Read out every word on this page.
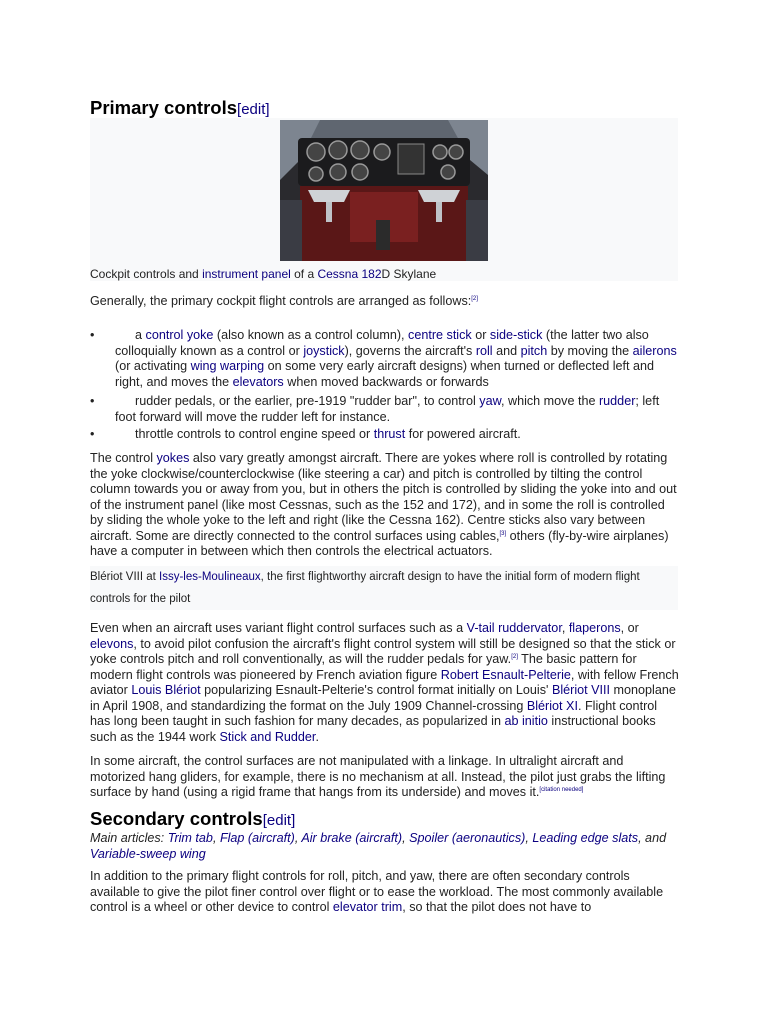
Primary controls[edit]
Cockpit controls and instrument panel of a Cessna 182D Skylane

Generally, the primary cockpit flight controls are arranged as follows:[2]

•	a control yoke (also known as a control column), centre stick or side-stick (the latter two also colloquially known as a control or joystick), governs the aircraft's roll and pitch by moving the ailerons (or activating wing warping on some very early aircraft designs) when turned or deflected left and right, and moves the elevators when moved backwards or forwards
•	rudder pedals, or the earlier, pre-1919 "rudder bar", to control yaw, which move the rudder; left foot forward will move the rudder left for instance.
•	throttle controls to control engine speed or thrust for powered aircraft.

The control yokes also vary greatly amongst aircraft. There are yokes where roll is controlled by rotating the yoke clockwise/counterclockwise (like steering a car) and pitch is controlled by tilting the control column towards you or away from you, but in others the pitch is controlled by sliding the yoke into and out of the instrument panel (like most Cessnas, such as the 152 and 172), and in some the roll is controlled by sliding the whole yoke to the left and right (like the Cessna 162). Centre sticks also vary between aircraft. Some are directly connected to the control surfaces using cables,[3] others (fly-by-wire airplanes) have a computer in between which then controls the electrical actuators.

Blériot VIII at Issy-les-Moulineaux, the first flightworthy aircraft design to have the initial form of modern flight controls for the pilot

Even when an aircraft uses variant flight control surfaces such as a V-tail ruddervator, flaperons, or elevons, to avoid pilot confusion the aircraft's flight control system will still be designed so that the stick or yoke controls pitch and roll conventionally, as will the rudder pedals for yaw.[2] The basic pattern for modern flight controls was pioneered by French aviation figure Robert Esnault-Pelterie, with fellow French aviator Louis Blériot popularizing Esnault-Pelterie's control format initially on Louis' Blériot VIII monoplane in April 1908, and standardizing the format on the July 1909 Channel-crossing Blériot XI. Flight control has long been taught in such fashion for many decades, as popularized in ab initio instructional books such as the 1944 work Stick and Rudder.

In some aircraft, the control surfaces are not manipulated with a linkage. In ultralight aircraft and motorized hang gliders, for example, there is no mechanism at all. Instead, the pilot just grabs the lifting surface by hand (using a rigid frame that hangs from its underside) and moves it.[citation needed]

Secondary controls[edit]
Main articles: Trim tab, Flap (aircraft), Air brake (aircraft), Spoiler (aeronautics), Leading edge slats, and Variable-sweep wing

In addition to the primary flight controls for roll, pitch, and yaw, there are often secondary controls available to give the pilot finer control over flight or to ease the workload. The most commonly available control is a wheel or other device to control elevator trim, so that the pilot does not have to
